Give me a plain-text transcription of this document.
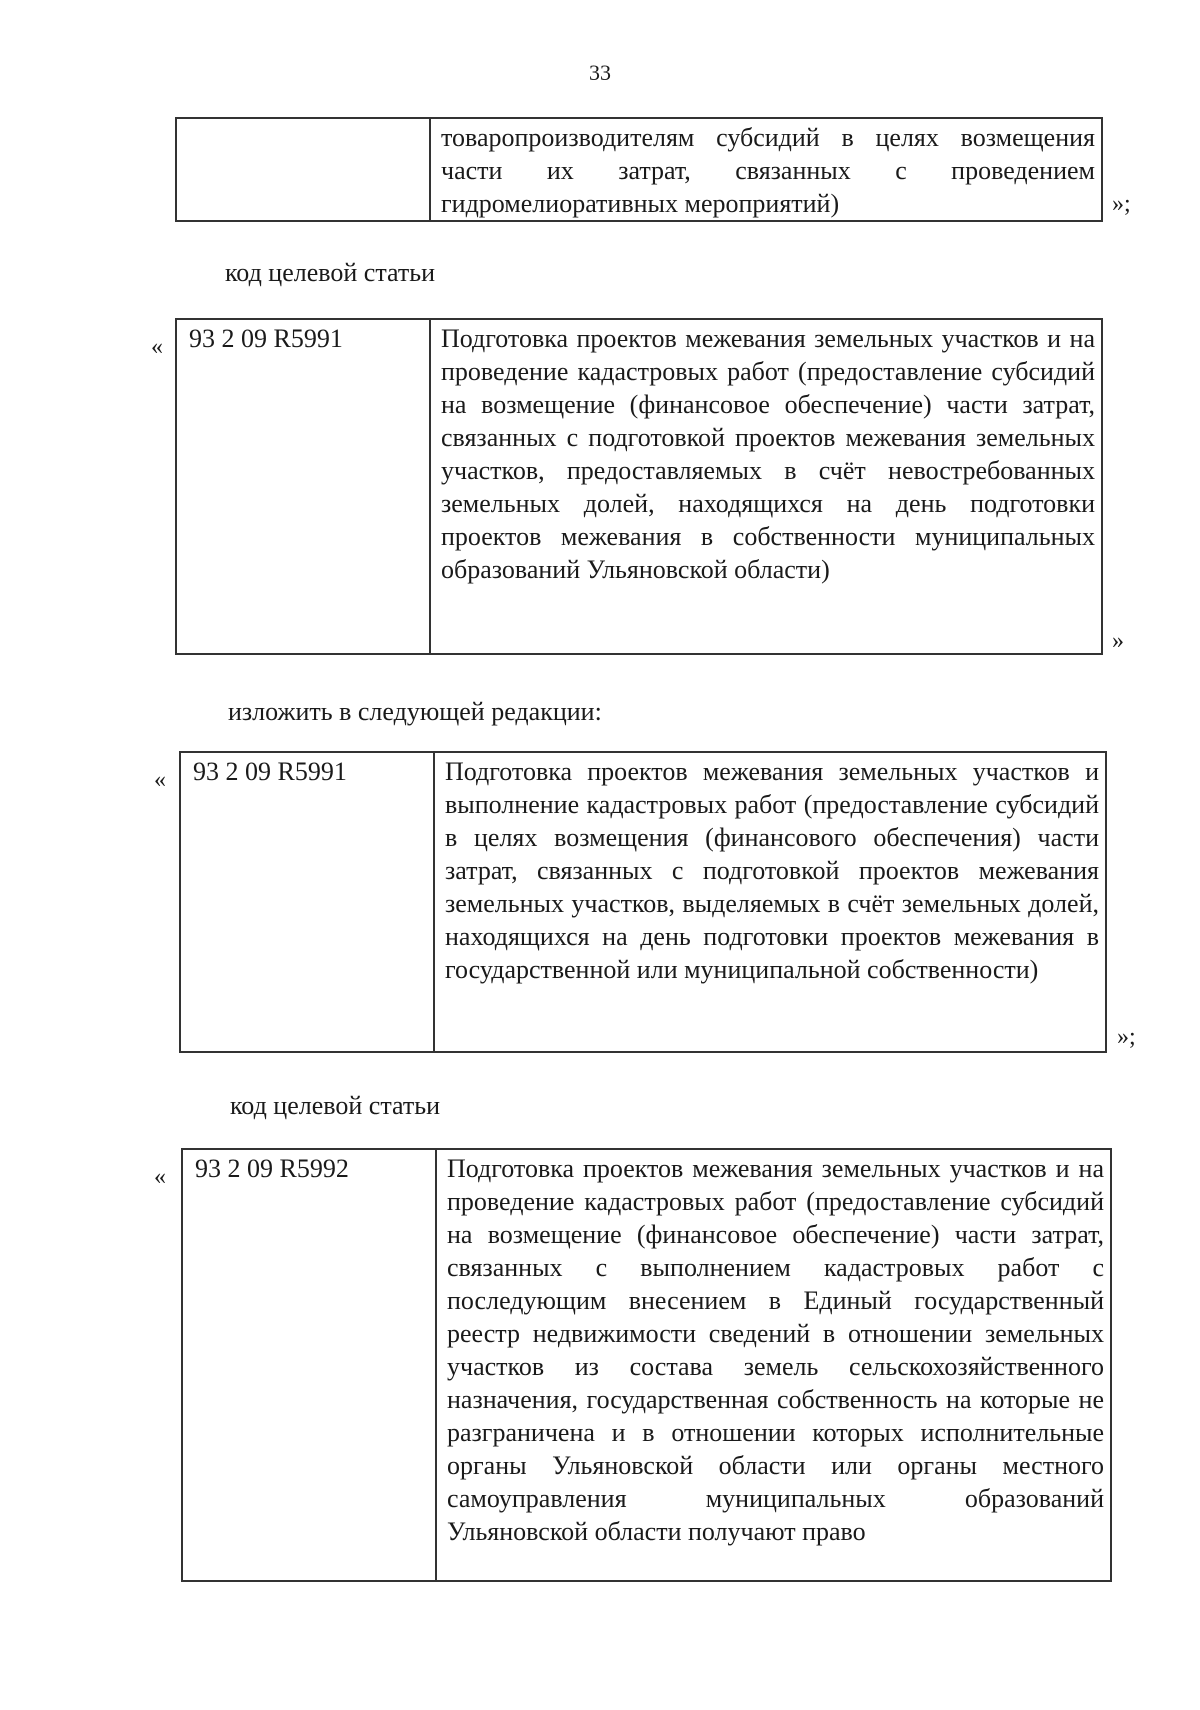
33
	товаропроизводителям субсидий в целях возмещения части их затрат, связанных с проведением гидромелиоративных мероприятий)	»;
код целевой статьи
« 93 2 09 R5991	Подготовка проектов межевания земельных участков и на проведение кадастровых работ (предоставление субсидий на возмещение (финансовое обеспечение) части затрат, связанных с подготовкой проектов межевания земельных участков, предоставляемых в счёт невостребованных земельных долей, находящихся на день подготовки проектов межевания в собственности муниципальных образований Ульяновской области)
»
изложить в следующей редакции:
« 93 2 09 R5991	Подготовка проектов межевания земельных участков и выполнение кадастровых работ (предоставление субсидий в целях возмещения (финансового обеспечения) части затрат, связанных с подготовкой проектов межевания земельных участков, выделяемых в счёт земельных долей, находящихся на день подготовки проектов межевания в государственной или муниципальной собственности)
»;
код целевой статьи
« 93 2 09 R5992	Подготовка проектов межевания земельных участков и на проведение кадастровых работ (предоставление субсидий на возмещение (финансовое обеспечение) части затрат, связанных с выполнением кадастровых работ с последующим внесением в Единый государственный реестр недвижимости сведений в отношении земельных участков из состава земель сельскохозяйственного назначения, государственная собственность на которые не разграничена и в отношении которых исполнительные органы Ульяновской области или органы местного самоуправления муниципальных образований Ульяновской области получают право
